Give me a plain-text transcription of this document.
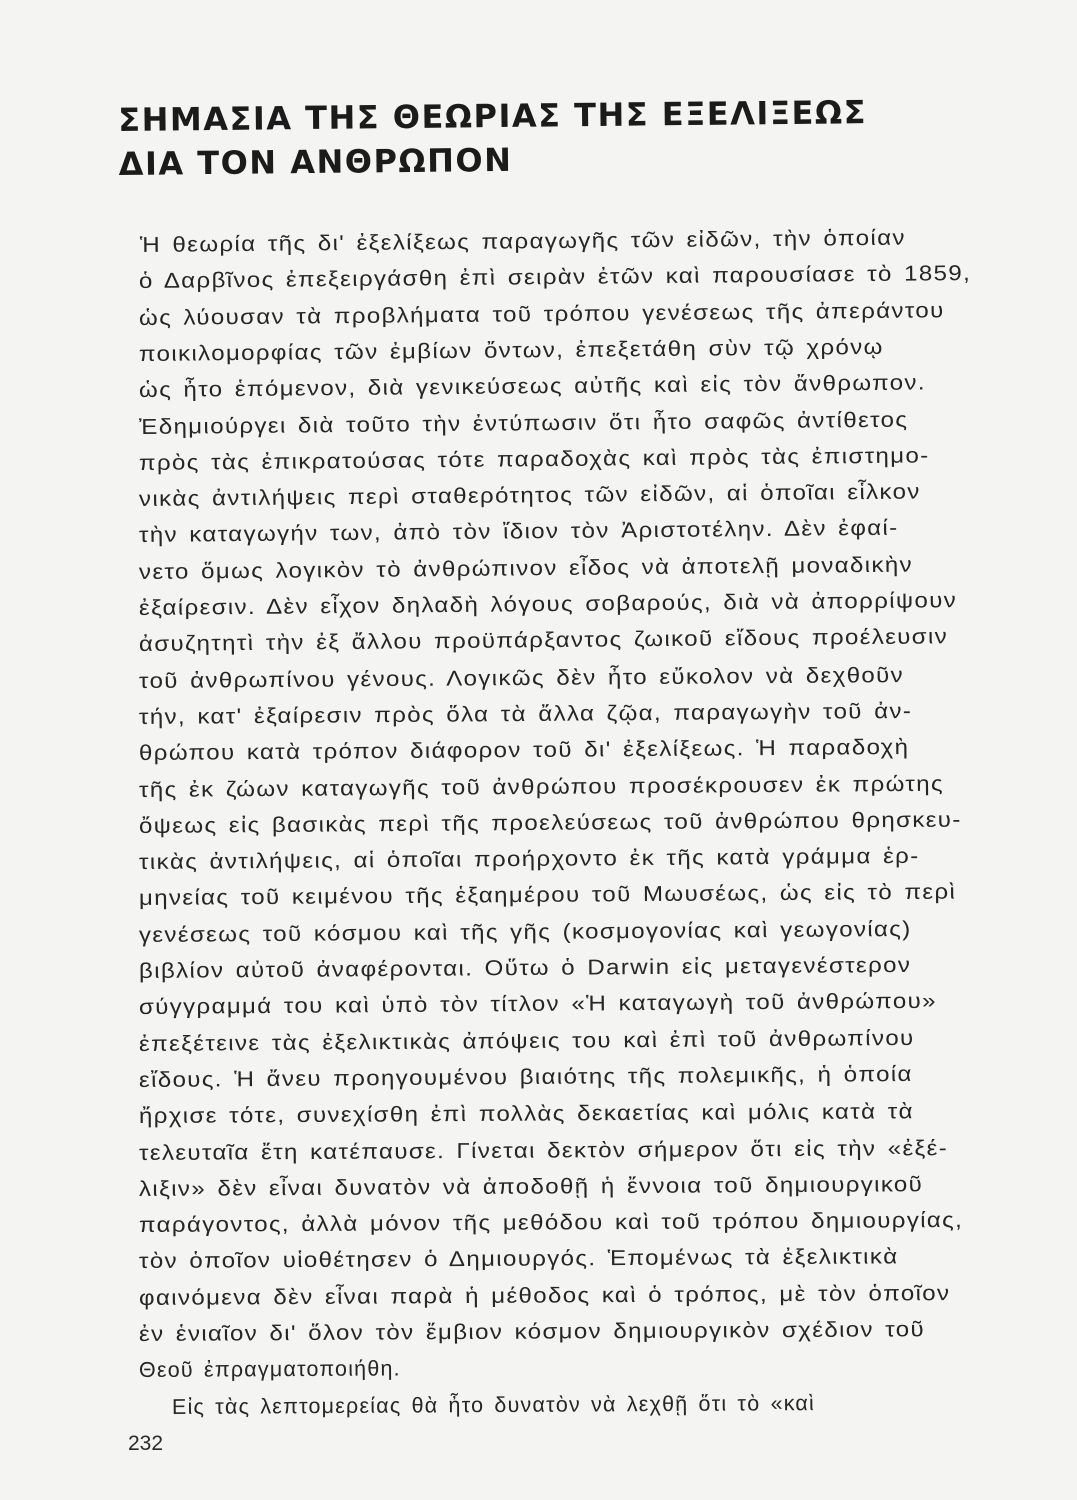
ΣΗΜΑΣΙΑ ΤΗΣ ΘΕΩΡΙΑΣ ΤΗΣ ΕΞΕΛΙΞΕΩΣ
ΔΙΑ ΤΟΝ ΑΝΘΡΩΠΟΝ
Ἡ θεωρία τῆς δι' ἐξελίξεως παραγωγῆς τῶν εἰδῶν, τὴν ὁποίαν
ὁ Δαρβῖνος ἐπεξειργάσθη ἐπὶ σειρὰν ἐτῶν καὶ παρουσίασε τὸ 1859,
ὡς λύουσαν τὰ προβλήματα τοῦ τρόπου γενέσεως τῆς ἀπεράντου
ποικιλομορφίας τῶν ἐμβίων ὄντων, ἐπεξετάθη σὺν τῷ χρόνῳ
ὡς ἦτο ἑπόμενον, διὰ γενικεύσεως αὐτῆς καὶ εἰς τὸν ἄνθρωπον.
Ἐδημιούργει διὰ τοῦτο τὴν ἐντύπωσιν ὅτι ἦτο σαφῶς ἀντίθετος
πρὸς τὰς ἐπικρατούσας τότε παραδοχὰς καὶ πρὸς τὰς ἐπιστημο-
νικὰς ἀντιλήψεις περὶ σταθερότητος τῶν εἰδῶν, αἱ ὁποῖαι εἷλκον
τὴν καταγωγήν των, ἀπὸ τὸν ἴδιον τὸν Ἀριστοτέλην. Δὲν ἐφαί-
νετο ὅμως λογικὸν τὸ ἀνθρώπινον εἶδος νὰ ἀποτελῇ μοναδικὴν
ἐξαίρεσιν. Δὲν εἶχον δηλαδὴ λόγους σοβαρούς, διὰ νὰ ἀπορρίψουν
ἀσυζητητὶ τὴν ἐξ ἄλλου προϋπάρξαντος ζωικοῦ εἴδους προέλευσιν
τοῦ ἀνθρωπίνου γένους. Λογικῶς δὲν ἦτο εὔκολον νὰ δεχθοῦν
τήν, κατ' ἐξαίρεσιν πρὸς ὅλα τὰ ἄλλα ζῷα, παραγωγὴν τοῦ ἀν-
θρώπου κατὰ τρόπον διάφορον τοῦ δι' ἐξελίξεως. Ἡ παραδοχὴ
τῆς ἐκ ζώων καταγωγῆς τοῦ ἀνθρώπου προσέκρουσεν ἐκ πρώτης
ὄψεως εἰς βασικὰς περὶ τῆς προελεύσεως τοῦ ἀνθρώπου θρησκευ-
τικὰς ἀντιλήψεις, αἱ ὁποῖαι προήρχοντο ἐκ τῆς κατὰ γράμμα ἑρ-
μηνείας τοῦ κειμένου τῆς ἑξαημέρου τοῦ Μωυσέως, ὡς εἰς τὸ περὶ
γενέσεως τοῦ κόσμου καὶ τῆς γῆς (κοσμογονίας καὶ γεωγονίας)
βιβλίον αὐτοῦ ἀναφέρονται. Οὕτω ὁ Darwin εἰς μεταγενέστερον
σύγγραμμά του καὶ ὑπὸ τὸν τίτλον «Ἡ καταγωγὴ τοῦ ἀνθρώπου»
ἐπεξέτεινε τὰς ἐξελικτικὰς ἀπόψεις του καὶ ἐπὶ τοῦ ἀνθρωπίνου
εἴδους. Ἡ ἄνευ προηγουμένου βιαιότης τῆς πολεμικῆς, ἡ ὁποία
ἤρχισε τότε, συνεχίσθη ἐπὶ πολλὰς δεκαετίας καὶ μόλις κατὰ τὰ
τελευταῖα ἔτη κατέπαυσε. Γίνεται δεκτὸν σήμερον ὅτι εἰς τὴν «ἐξέ-
λιξιν» δὲν εἶναι δυνατὸν νὰ ἀποδοθῇ ἡ ἔννοια τοῦ δημιουργικοῦ
παράγοντος, ἀλλὰ μόνον τῆς μεθόδου καὶ τοῦ τρόπου δημιουργίας,
τὸν ὁποῖον υἱοθέτησεν ὁ Δημιουργός. Ἑπομένως τὰ ἐξελικτικὰ
φαινόμενα δὲν εἶναι παρὰ ἡ μέθοδος καὶ ὁ τρόπος, μὲ τὸν ὁποῖον
ἐν ἑνιαῖον δι' ὅλον τὸν ἔμβιον κόσμον δημιουργικὸν σχέδιον τοῦ
Θεοῦ ἐπραγματοποιήθη.
Εἰς τὰς λεπτομερείας θὰ ἦτο δυνατὸν νὰ λεχθῇ ὅτι τὸ «καὶ
232
